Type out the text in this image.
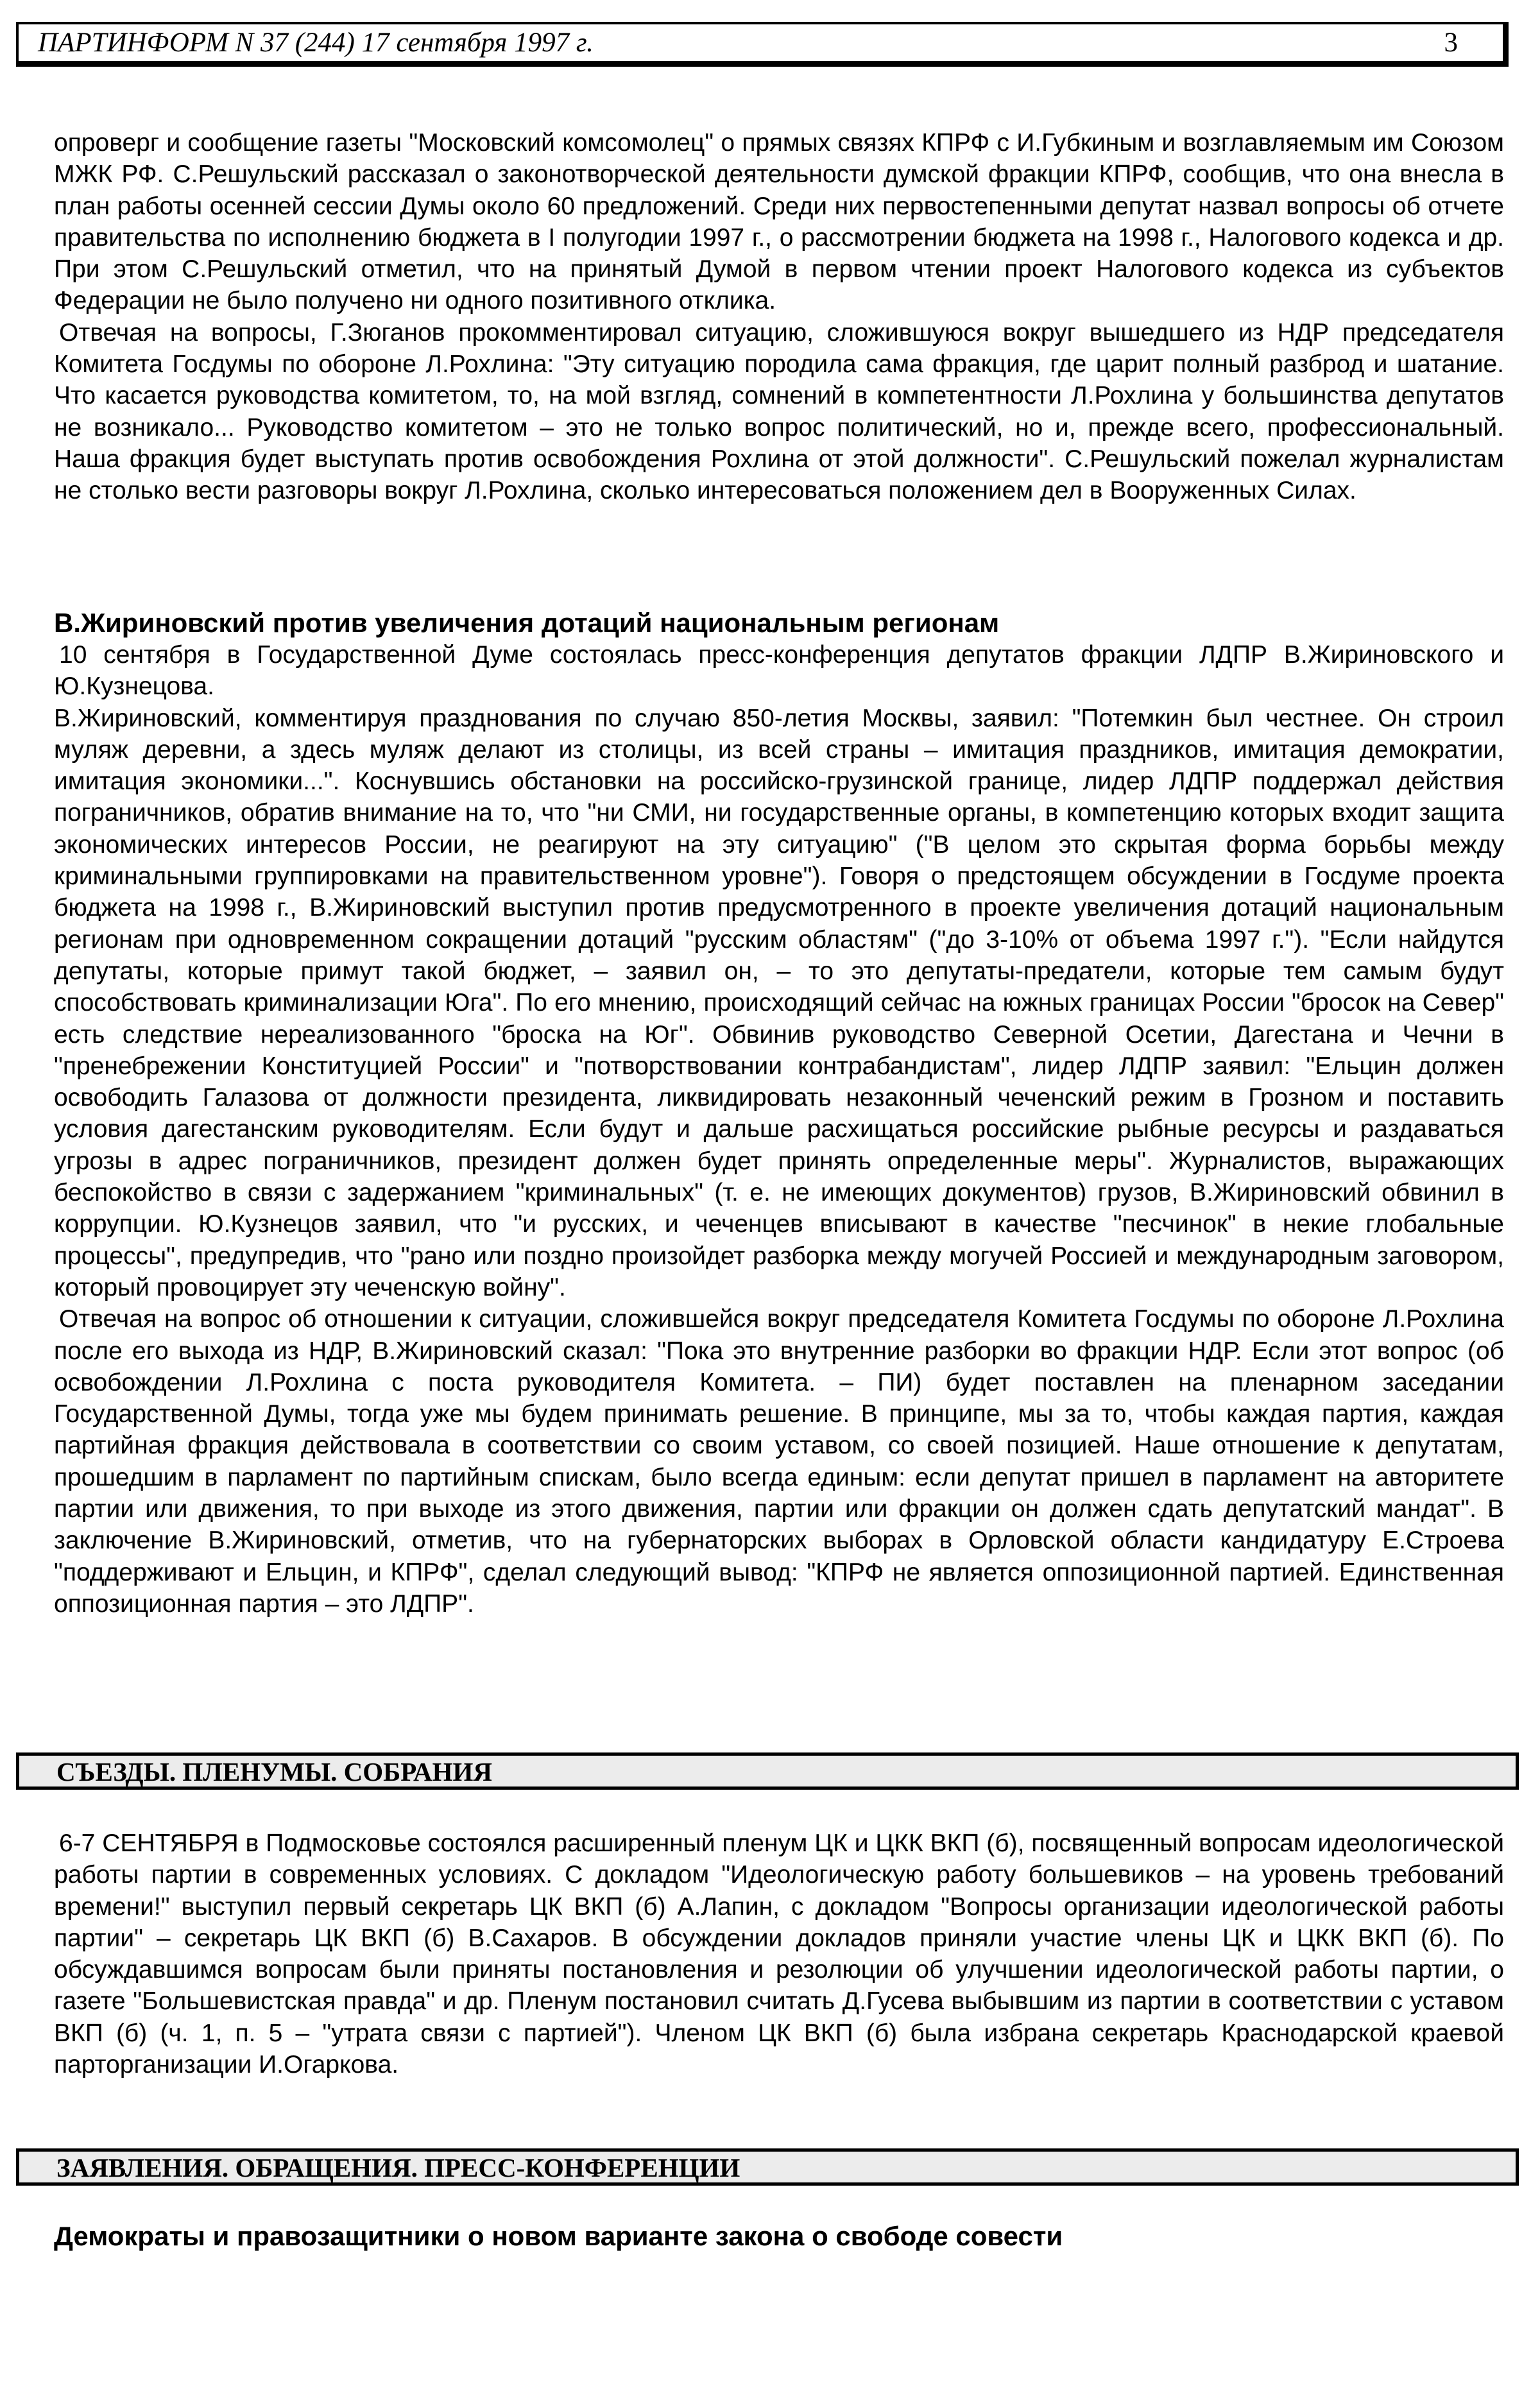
ПАРТИНФОРМ N 37 (244) 17 сентября 1997 г.	3

опроверг и сообщение газеты "Московский комсомолец" о прямых связях КПРФ с И.Губкиным и возглавляемым им Союзом МЖК РФ. С.Решульский рассказал о законотворческой деятельности думской фракции КПРФ, сообщив, что она внесла в план работы осенней сессии Думы около 60 предложений. Среди них первостепенными депутат назвал вопросы об отчете правительства по исполнению бюджета в I полугодии 1997 г., о рассмотрении бюджета на 1998 г., Налогового кодекса и др. При этом С.Решульский отметил, что на принятый Думой в первом чтении проект Налогового кодекса из субъектов Федерации не было получено ни одного позитивного отклика.

Отвечая на вопросы, Г.Зюганов прокомментировал ситуацию, сложившуюся вокруг вышедшего из НДР председателя Комитета Госдумы по обороне Л.Рохлина: "Эту ситуацию породила сама фракция, где царит полный разброд и шатание. Что касается руководства комитетом, то, на мой взгляд, сомнений в компетентности Л.Рохлина у большинства депутатов не возникало... Руководство комитетом – это не только вопрос политический, но и, прежде всего, профессиональный. Наша фракция будет выступать против освобождения Рохлина от этой должности". С.Решульский пожелал журналистам не столько вести разговоры вокруг Л.Рохлина, сколько интересоваться положением дел в Вооруженных Силах.

В.Жириновский против увеличения дотаций национальным регионам

10 сентября в Государственной Думе состоялась пресс-конференция депутатов фракции ЛДПР В.Жириновского и Ю.Кузнецова.

В.Жириновский, комментируя празднования по случаю 850-летия Москвы, заявил: "Потемкин был честнее. Он строил муляж деревни, а здесь муляж делают из столицы, из всей страны – имитация праздников, имитация демократии, имитация экономики...". Коснувшись обстановки на российско-грузинской границе, лидер ЛДПР поддержал действия пограничников, обратив внимание на то, что "ни СМИ, ни государственные органы, в компетенцию которых входит защита экономических интересов России, не реагируют на эту ситуацию" ("В целом это скрытая форма борьбы между криминальными группировками на правительственном уровне"). Говоря о предстоящем обсуждении в Госдуме проекта бюджета на 1998 г., В.Жириновский выступил против предусмотренного в проекте увеличения дотаций национальным регионам при одновременном сокращении дотаций "русским областям" ("до 3-10% от объема 1997 г."). "Если найдутся депутаты, которые примут такой бюджет, – заявил он, – то это депутаты-предатели, которые тем самым будут способствовать криминализации Юга". По его мнению, происходящий сейчас на южных границах России "бросок на Север" есть следствие нереализованного "броска на Юг". Обвинив руководство Северной Осетии, Дагестана и Чечни в "пренебрежении Конституцией России" и "потворствовании контрабандистам", лидер ЛДПР заявил: "Ельцин должен освободить Галазова от должности президента, ликвидировать незаконный чеченский режим в Грозном и поставить условия дагестанским руководителям. Если будут и дальше расхищаться российские рыбные ресурсы и раздаваться угрозы в адрес пограничников, президент должен будет принять определенные меры". Журналистов, выражающих беспокойство в связи с задержанием "криминальных" (т. е. не имеющих документов) грузов, В.Жириновский обвинил в коррупции. Ю.Кузнецов заявил, что "и русских, и чеченцев вписывают в качестве "песчинок" в некие глобальные процессы", предупредив, что "рано или поздно произойдет разборка между могучей Россией и международным заговором, который провоцирует эту чеченскую войну".

Отвечая на вопрос об отношении к ситуации, сложившейся вокруг председателя Комитета Госдумы по обороне Л.Рохлина после его выхода из НДР, В.Жириновский сказал: "Пока это внутренние разборки во фракции НДР. Если этот вопрос (об освобождении Л.Рохлина с поста руководителя Комитета. – ПИ) будет поставлен на пленарном заседании Государственной Думы, тогда уже мы будем принимать решение. В принципе, мы за то, чтобы каждая партия, каждая партийная фракция действовала в соответствии со своим уставом, со своей позицией. Наше отношение к депутатам, прошедшим в парламент по партийным спискам, было всегда единым: если депутат пришел в парламент на авторитете партии или движения, то при выходе из этого движения, партии или фракции он должен сдать депутатский мандат". В заключение В.Жириновский, отметив, что на губернаторских выборах в Орловской области кандидатуру Е.Строева "поддерживают и Ельцин, и КПРФ", сделал следующий вывод: "КПРФ не является оппозиционной партией. Единственная оппозиционная партия – это ЛДПР".

СЪЕЗДЫ. ПЛЕНУМЫ. СОБРАНИЯ

6-7 СЕНТЯБРЯ в Подмосковье состоялся расширенный пленум ЦК и ЦКК ВКП (б), посвященный вопросам идеологической работы партии в современных условиях. С докладом "Идеологическую работу большевиков – на уровень требований времени!" выступил первый секретарь ЦК ВКП (б) А.Лапин, с докладом "Вопросы организации идеологической работы партии" – секретарь ЦК ВКП (б) В.Сахаров. В обсуждении докладов приняли участие члены ЦК и ЦКК ВКП (б). По обсуждавшимся вопросам были приняты постановления и резолюции об улучшении идеологической работы партии, о газете "Большевистская правда" и др. Пленум постановил считать Д.Гусева выбывшим из партии в соответствии с уставом ВКП (б) (ч. 1, п. 5 – "утрата связи с партией"). Членом ЦК ВКП (б) была избрана секретарь Краснодарской краевой парторганизации И.Огаркова.

ЗАЯВЛЕНИЯ. ОБРАЩЕНИЯ. ПРЕСС-КОНФЕРЕНЦИИ
Демократы и правозащитники о новом варианте закона о свободе совести
